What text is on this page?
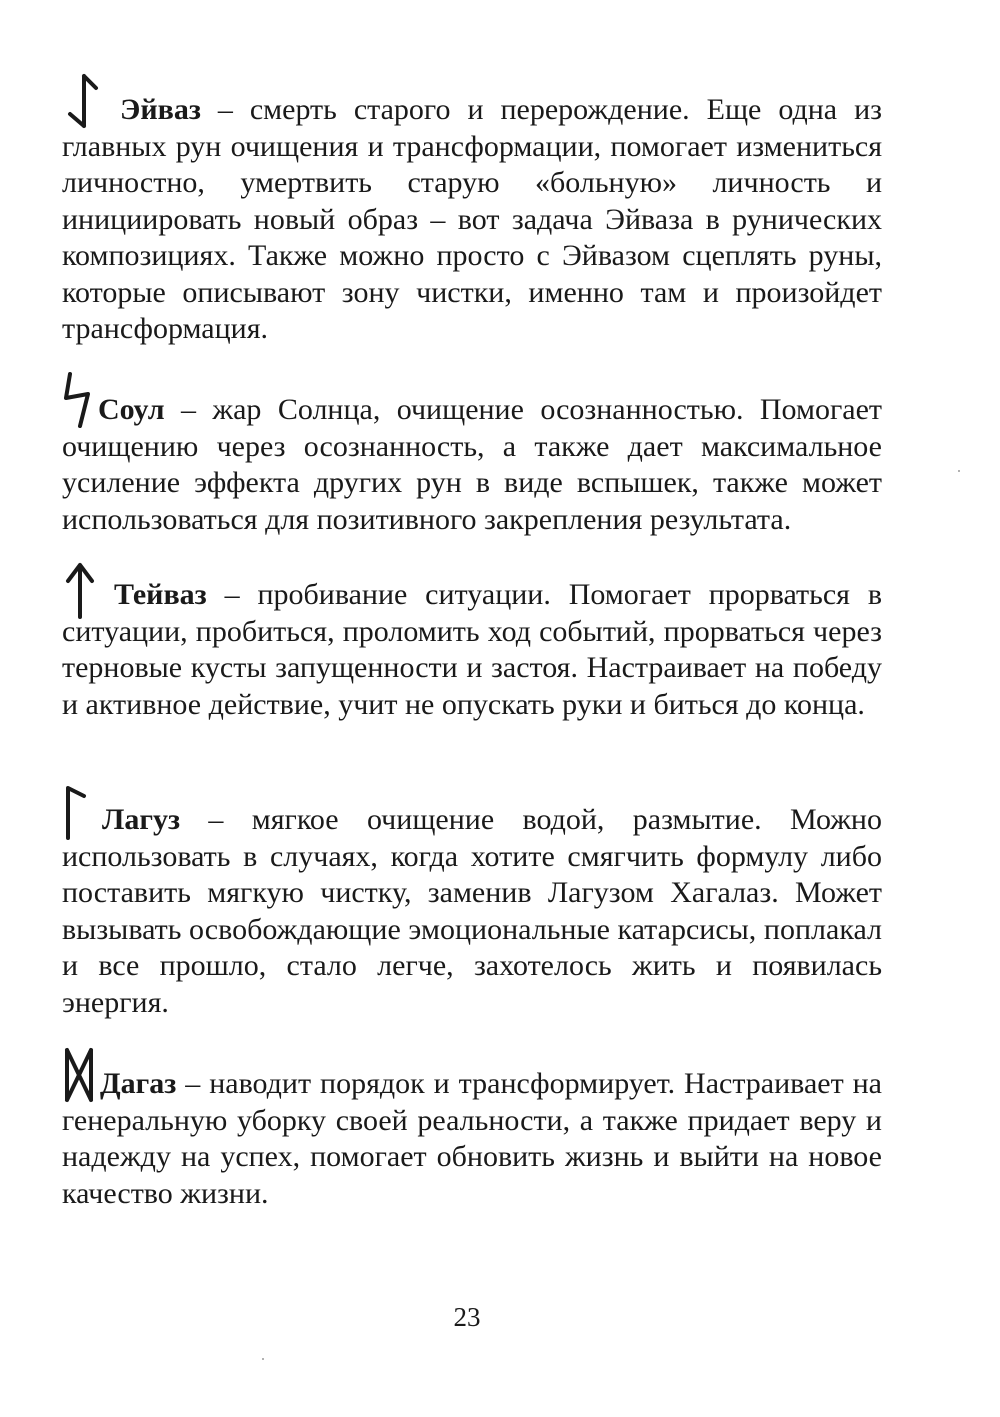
Эйваз – смерть старого и перерождение. Еще одна из главных рун очищения и трансформации, помогает измениться личностно, умертвить старую «больную» личность и инициировать новый образ – вот задача Эйваза в рунических композициях. Также можно просто с Эйвазом сцеплять руны, которые описывают зону чистки, именно там и произойдет трансформация.
Соул – жар Солнца, очищение осознанностью. Помогает очищению через осознанность, а также дает максимальное усиление эффекта других рун в виде вспышек, также может использоваться для позитивного закрепления результата.
Тейваз – пробивание ситуации. Помогает прорваться в ситуации, пробиться, проломить ход событий, прорваться через терновые кусты запущенности и застоя. Настраивает на победу и активное действие, учит не опускать руки и биться до конца.
Лагуз – мягкое очищение водой, размытие. Можно использовать в случаях, когда хотите смягчить формулу либо поставить мягкую чистку, заменив Лагузом Хагалаз. Может вызывать освобождающие эмоциональные катарсисы, поплакал и все прошло, стало легче, захотелось жить и появилась энергия.
Дагаз – наводит порядок и трансформирует. Настраивает на генеральную уборку своей реальности, а также придает веру и надежду на успех, помогает обновить жизнь и выйти на новое качество жизни.
23
